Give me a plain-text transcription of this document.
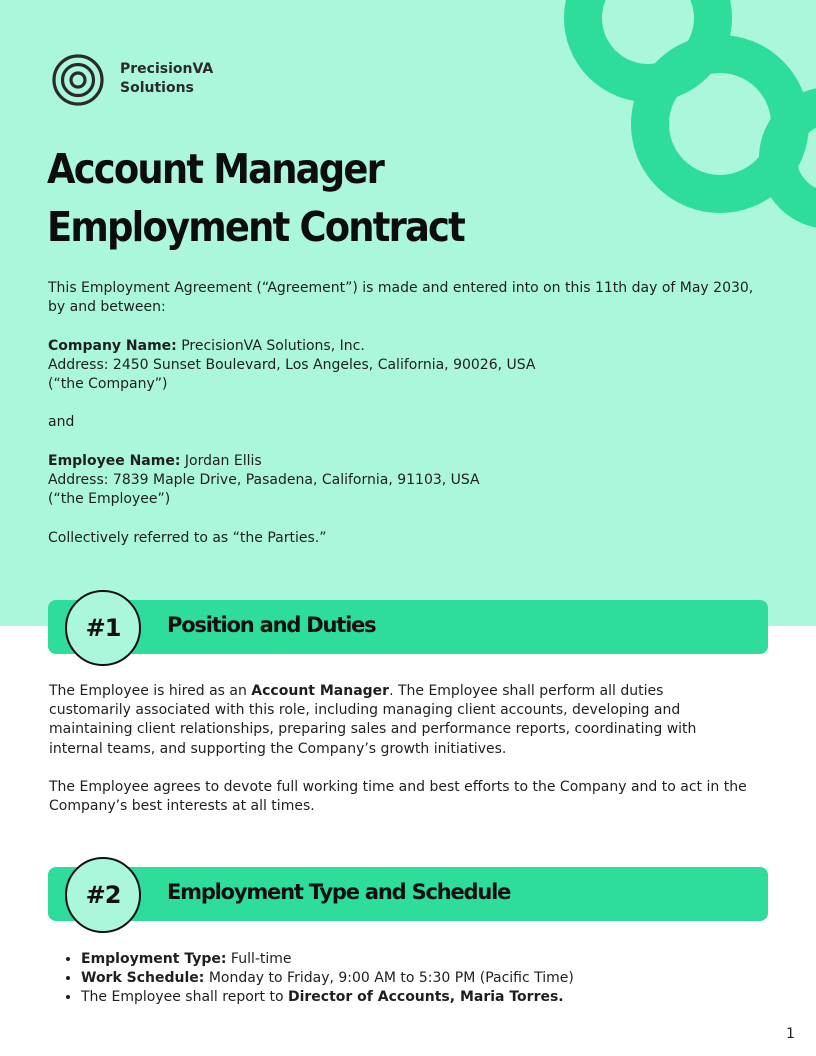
PrecisionVA
Solutions
Account Manager
Employment Contract

This Employment Agreement (“Agreement”) is made and entered into on this 11th day of May 2030, by and between:

Company Name: PrecisionVA Solutions, Inc.

Address: 2450 Sunset Boulevard, Los Angeles, California, 90026, USA

(“the Company”)

and

Employee Name: Jordan Ellis

Address: 7839 Maple Drive, Pasadena, California, 91103, USA

(“the Employee”)

Collectively referred to as “the Parties.”

#1	Position and Duties

The Employee is hired as an Account Manager. The Employee shall perform all duties customarily associated with this role, including managing client accounts, developing and maintaining client relationships, preparing sales and performance reports, coordinating with internal teams, and supporting the Company’s growth initiatives.

The Employee agrees to devote full working time and best efforts to the Company and to act in the Company’s best interests at all times.

#2	Employment Type and Schedule
• Employment Type: Full-time
• Work Schedule: Monday to Friday, 9:00 AM to 5:30 PM (Pacific Time)
• The Employee shall report to Director of Accounts, Maria Torres.
1
